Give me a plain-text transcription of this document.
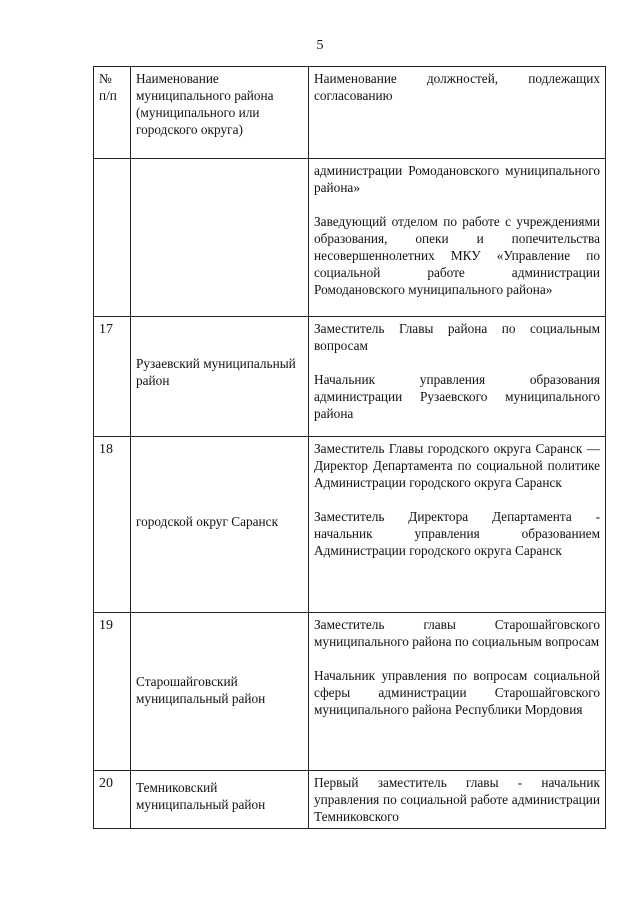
5
№ п/п	Наименование муниципального района (муниципального или городского округа)	Наименование должностей, подлежащих согласованию

		администрации Ромодановского муниципального района»
Заведующий отделом по работе с учреждениями образования, опеки и попечительства несовершеннолетних МКУ «Управление по социальной работе администрации Ромодановского муниципального района»

17	Рузаевский муниципальный район	Заместитель Главы района по социальным вопросам
Начальник управления образования администрации Рузаевского муниципального района

18	городской округ Саранск	Заместитель Главы городского округа Саранск — Директор Департамента по социальной политике Администрации городского округа Саранск
Заместитель Директора Департамента - начальник управления образованием Администрации городского округа Саранск

19	Старошайговский муниципальный район	Заместитель главы Старошайговского муниципального района по социальным вопросам
Начальник управления по вопросам социальной сферы администрации Старошайговского муниципального района Республики Мордовия

20	Темниковский муниципальный район	Первый заместитель главы - начальник управления по социальной работе администрации Темниковского
